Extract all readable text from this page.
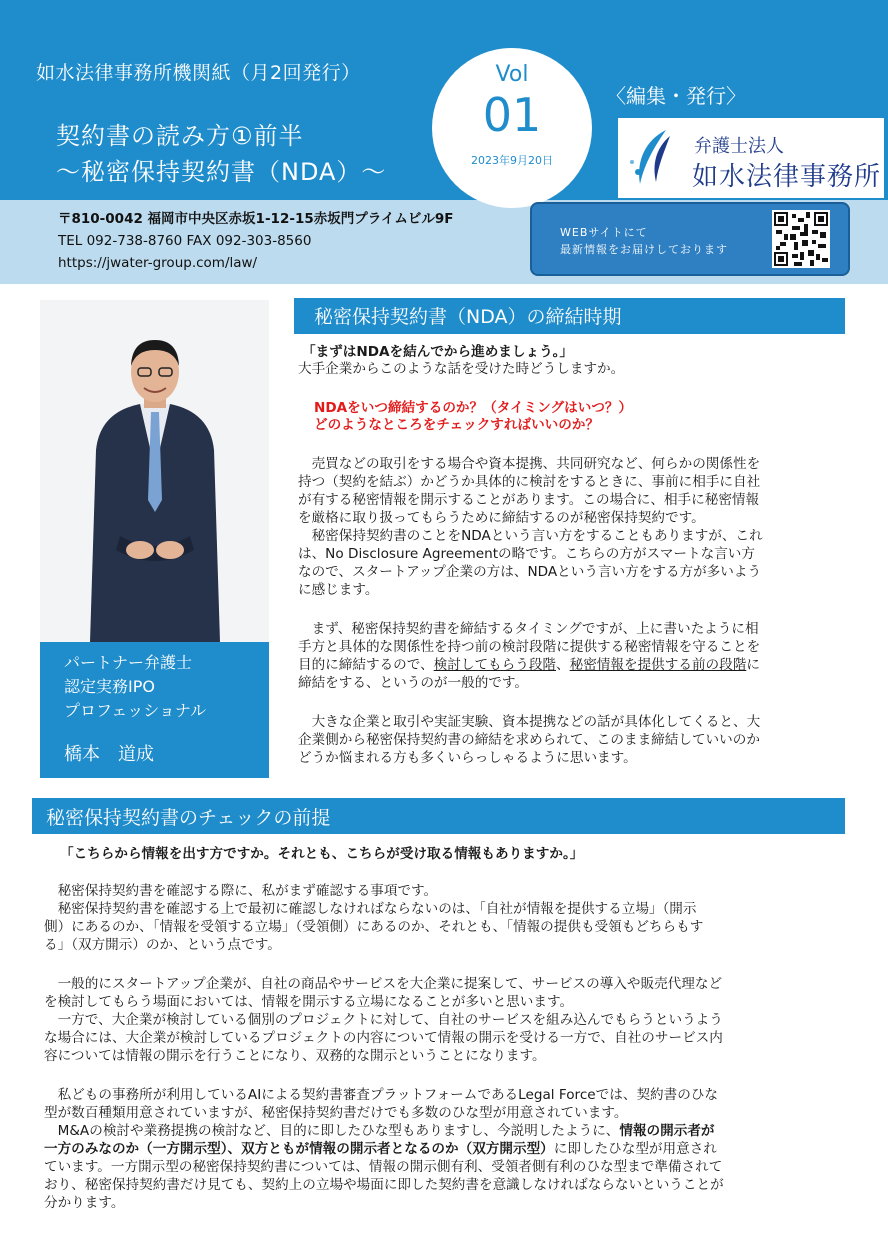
如水法律事務所機関紙（月2回発行）
契約書の読み方①前半
～秘密保持契約書（NDA）～
Vol
01
2023年9月20日
〈編集・発行〉
弁護士法人
如水法律事務所
〒810-0042 福岡市中央区赤坂1-12-15赤坂門プライムビル9F
TEL 092-738-8760 FAX 092-303-8560
https://jwater-group.com/law/
WEBサイトにて
最新情報をお届けしております
パートナー弁護士
認定実務IPO
プロフェッショナル
橋本　道成
秘密保持契約書（NDA）の締結時期
「まずはNDAを結んでから進めましょう。」
大手企業からこのような話を受けた時どうしますか。
NDAをいつ締結するのか？（タイミングはいつ？）
どのようなところをチェックすればいいのか？
　売買などの取引をする場合や資本提携、共同研究など、何らかの関係性を
持つ（契約を結ぶ）かどうか具体的に検討をするときに、事前に相手に自社
が有する秘密情報を開示することがあります。この場合に、相手に秘密情報
を厳格に取り扱ってもらうために締結するのが秘密保持契約です。
　秘密保持契約書のことをNDAという言い方をすることもありますが、これ
は、No Disclosure Agreementの略です。こちらの方がスマートな言い方
なので、スタートアップ企業の方は、NDAという言い方をする方が多いよう
に感じます。
　まず、秘密保持契約書を締結するタイミングですが、上に書いたように相
手方と具体的な関係性を持つ前の検討段階に提供する秘密情報を守ることを
目的に締結するので、検討してもらう段階、秘密情報を提供する前の段階に
締結をする、というのが一般的です。
　大きな企業と取引や実証実験、資本提携などの話が具体化してくると、大
企業側から秘密保持契約書の締結を求められて、このまま締結していいのか
どうか悩まれる方も多くいらっしゃるように思います。
秘密保持契約書のチェックの前提
「こちらから情報を出す方ですか。それとも、こちらが受け取る情報もありますか。」
　秘密保持契約書を確認する際に、私がまず確認する事項です。
　秘密保持契約書を確認する上で最初に確認しなければならないのは、「自社が情報を提供する立場」（開示
側）にあるのか、「情報を受領する立場」（受領側）にあるのか、それとも、「情報の提供も受領もどちらもす
る」（双方開示）のか、という点です。
　一般的にスタートアップ企業が、自社の商品やサービスを大企業に提案して、サービスの導入や販売代理など
を検討してもらう場面においては、情報を開示する立場になることが多いと思います。
　一方で、大企業が検討している個別のプロジェクトに対して、自社のサービスを組み込んでもらうというよう
な場合には、大企業が検討しているプロジェクトの内容について情報の開示を受ける一方で、自社のサービス内
容については情報の開示を行うことになり、双務的な開示ということになります。
　私どもの事務所が利用しているAIによる契約書審査プラットフォームであるLegal Forceでは、契約書のひな
型が数百種類用意されていますが、秘密保持契約書だけでも多数のひな型が用意されています。
　M&Aの検討や業務提携の検討など、目的に即したひな型もありますし、今説明したように、情報の開示者が
一方のみなのか（一方開示型）、双方ともが情報の開示者となるのか（双方開示型）に即したひな型が用意され
ています。一方開示型の秘密保持契約書については、情報の開示側有利、受領者側有利のひな型まで準備されて
おり、秘密保持契約書だけ見ても、契約上の立場や場面に即した契約書を意識しなければならないということが
分かります。
